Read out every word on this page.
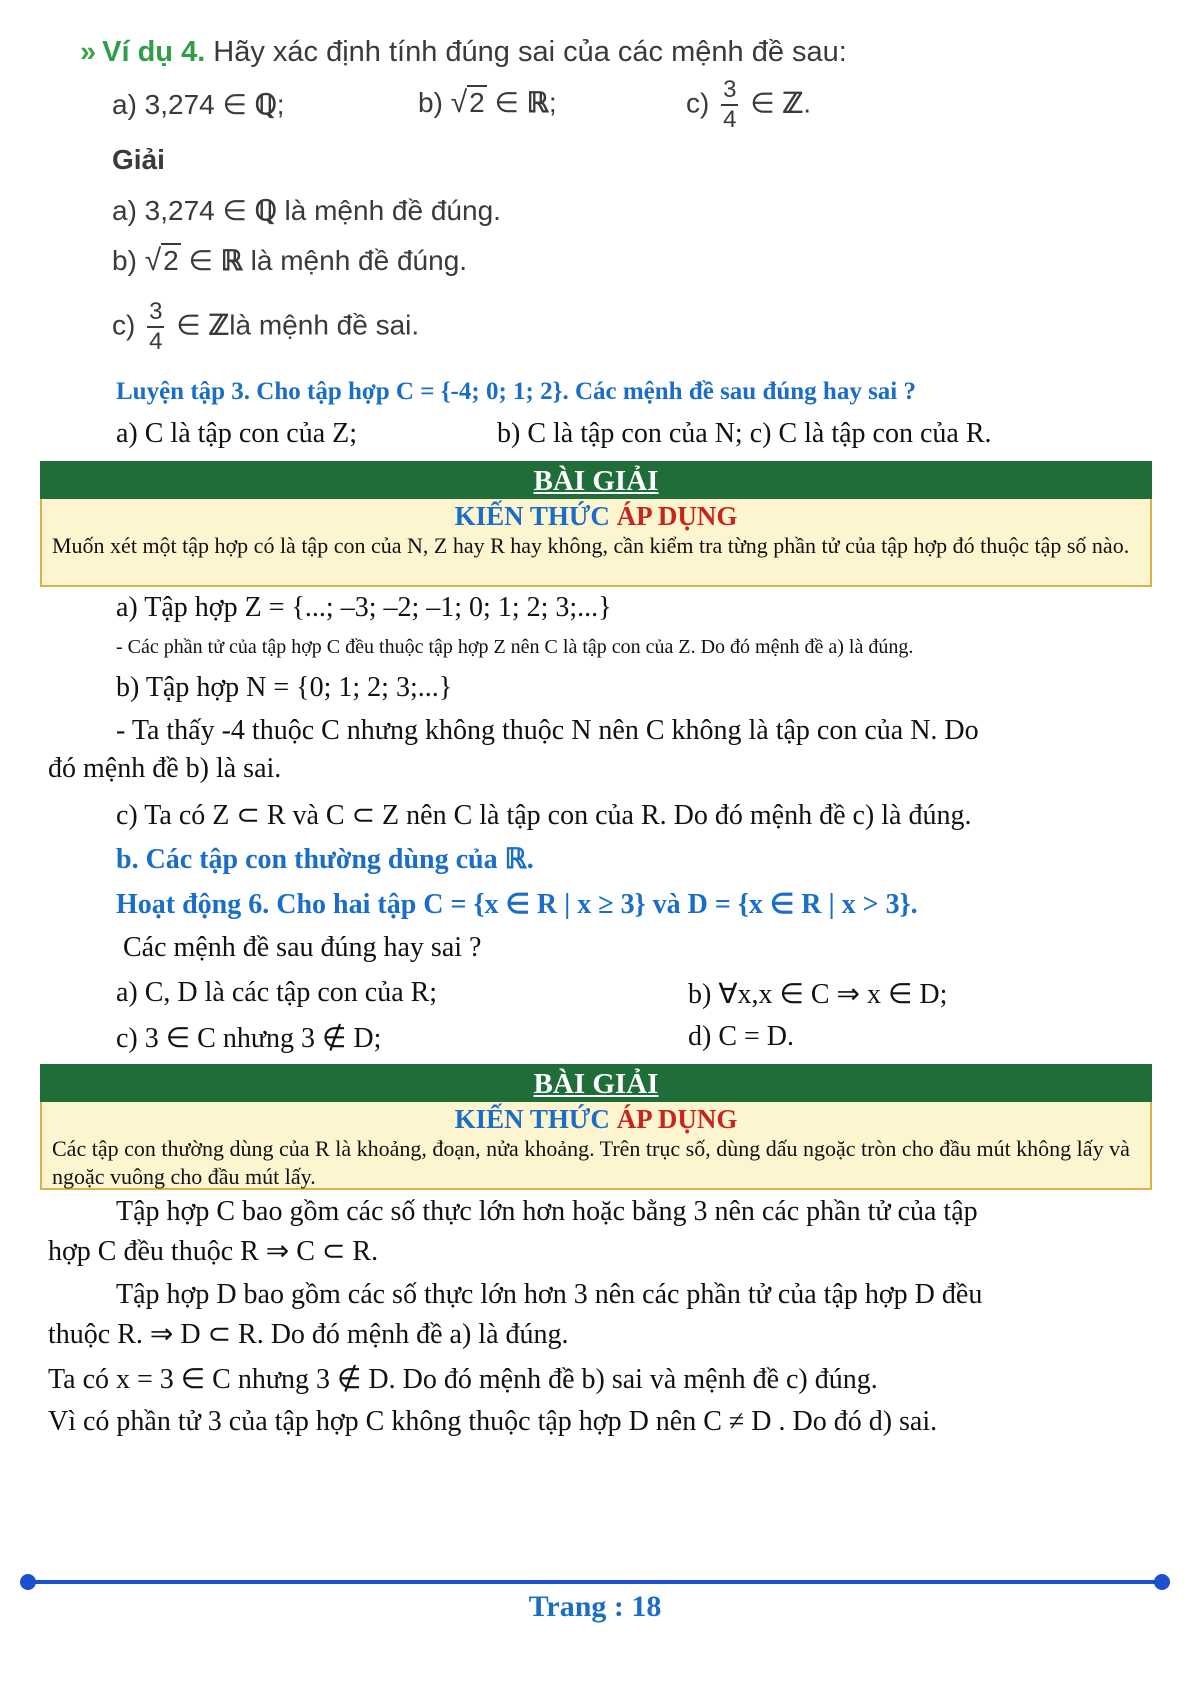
» Ví dụ 4. Hãy xác định tính đúng sai của các mệnh đề sau:
a) 3,274 ∈ ℚ;	b) √2 ∈ ℝ;	$c) \frac{3}{4}$ ∈ ℤ.
Giải
a) 3,274 ∈ ℚ là mệnh đề đúng.
b) √2 ∈ ℝ là mệnh đề đúng.
$c) \frac{3}{4}$ ∈ ℤlà mệnh đề sai.
Luyện tập 3. Cho tập hợp C = {-4; 0; 1; 2}. Các mệnh đề sau đúng hay sai ?
a) C là tập con của Z;	b) C là tập con của N; c) C là tập con của R.
BÀI GIẢI
KIẾN THỨC ÁP DỤNG
Muốn xét một tập hợp có là tập con của N, Z hay R hay không, cần kiểm tra từng phần tử của tập hợp đó thuộc tập số nào.
a) Tập hợp Z = {...; –3; –2; –1; 0; 1; 2; 3;...}
- Các phần tử của tập hợp C đều thuộc tập hợp Z nên C là tập con của Z. Do đó mệnh đề a) là đúng.
b) Tập hợp N = {0; 1; 2; 3;...}
- Ta thấy -4 thuộc C nhưng không thuộc N nên C không là tập con của N. Do
đó mệnh đề b) là sai.
c) Ta có Z ⊂ R và C ⊂ Z nên C là tập con của R. Do đó mệnh đề c) là đúng.
b. Các tập con thường dùng của ℝ.
Hoạt động 6. Cho hai tập C = {x ∈ R | x ≥ 3} và D = {x ∈ R | x > 3}.
Các mệnh đề sau đúng hay sai ?
a) C, D là các tập con của R;	b) ∀x,x ∈ C ⇒ x ∈ D;
c) 3 ∈ C nhưng 3 ∉ D;	d) C = D.
BÀI GIẢI
KIẾN THỨC ÁP DỤNG
Các tập con thường dùng của R là khoảng, đoạn, nửa khoảng. Trên trục số, dùng dấu ngoặc tròn cho đầu mút không lấy và ngoặc vuông cho đầu mút lấy.
Tập hợp C bao gồm các số thực lớn hơn hoặc bằng 3 nên các phần tử của tập
hợp C đều thuộc R ⇒ C ⊂ R.
Tập hợp D bao gồm các số thực lớn hơn 3 nên các phần tử của tập hợp D đều
thuộc R. ⇒ D ⊂ R. Do đó mệnh đề a) là đúng.
Ta có x = 3 ∈ C nhưng 3 ∉ D. Do đó mệnh đề b) sai và mệnh đề c) đúng.
Vì có phần tử 3 của tập hợp C không thuộc tập hợp D nên C ≠ D . Do đó d) sai.
Trang : 18
